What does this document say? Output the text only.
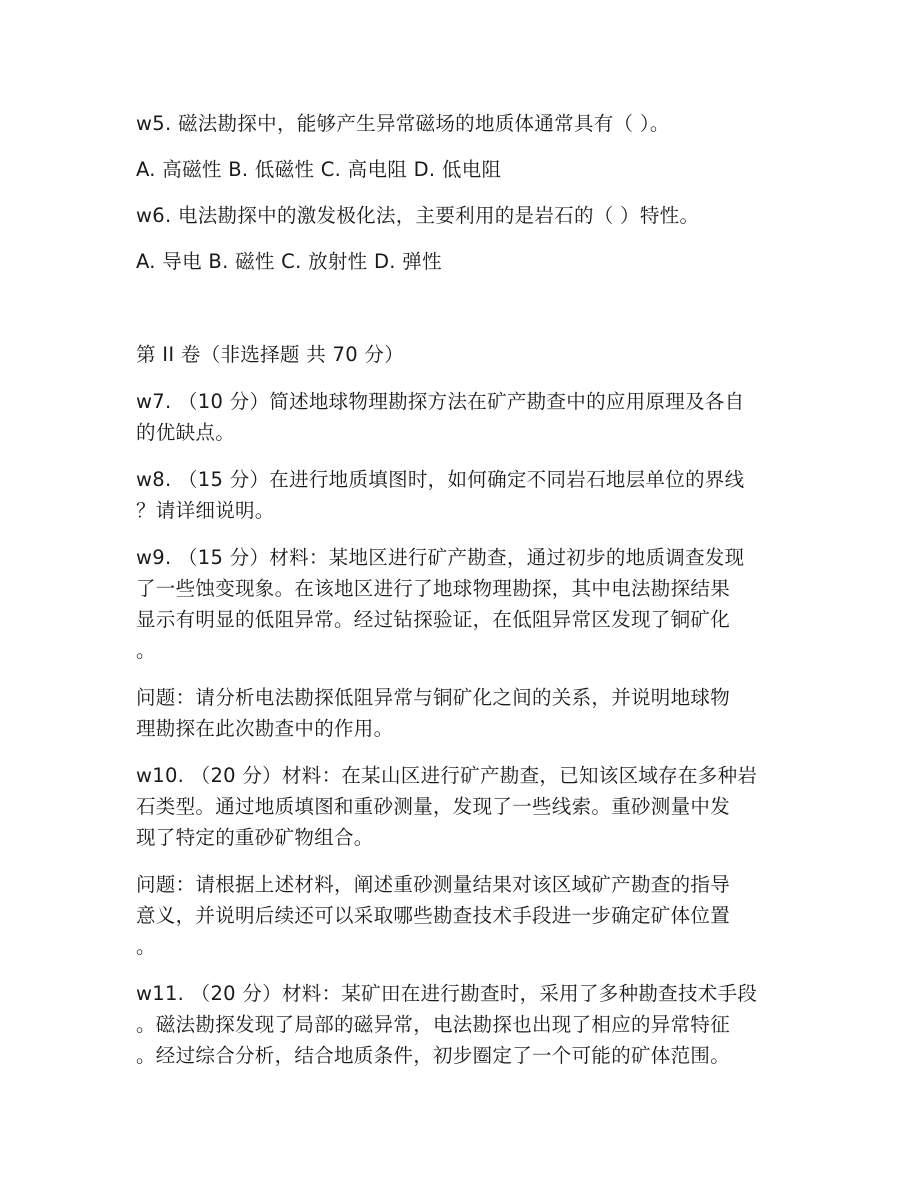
w5. 磁法勘探中，能够产生异常磁场的地质体通常具有（ ）。
A. 高磁性 B. 低磁性 C. 高电阻 D. 低电阻
w6. 电法勘探中的激发极化法，主要利用的是岩石的（ ）特性。
A. 导电 B. 磁性 C. 放射性 D. 弹性
第 II 卷（非选择题 共 70 分）
w7. （10 分）简述地球物理勘探方法在矿产勘查中的应用原理及各自
的优缺点。
w8. （15 分）在进行地质填图时，如何确定不同岩石地层单位的界线
？请详细说明。
w9. （15 分）材料：某地区进行矿产勘查，通过初步的地质调查发现
了一些蚀变现象。在该地区进行了地球物理勘探，其中电法勘探结果
显示有明显的低阻异常。经过钻探验证，在低阻异常区发现了铜矿化
。
问题：请分析电法勘探低阻异常与铜矿化之间的关系，并说明地球物
理勘探在此次勘查中的作用。
w10. （20 分）材料：在某山区进行矿产勘查，已知该区域存在多种岩
石类型。通过地质填图和重砂测量，发现了一些线索。重砂测量中发
现了特定的重砂矿物组合。
问题：请根据上述材料，阐述重砂测量结果对该区域矿产勘查的指导
意义，并说明后续还可以采取哪些勘查技术手段进一步确定矿体位置
。
w11. （20 分）材料：某矿田在进行勘查时，采用了多种勘查技术手段
。磁法勘探发现了局部的磁异常，电法勘探也出现了相应的异常特征
。经过综合分析，结合地质条件，初步圈定了一个可能的矿体范围。
